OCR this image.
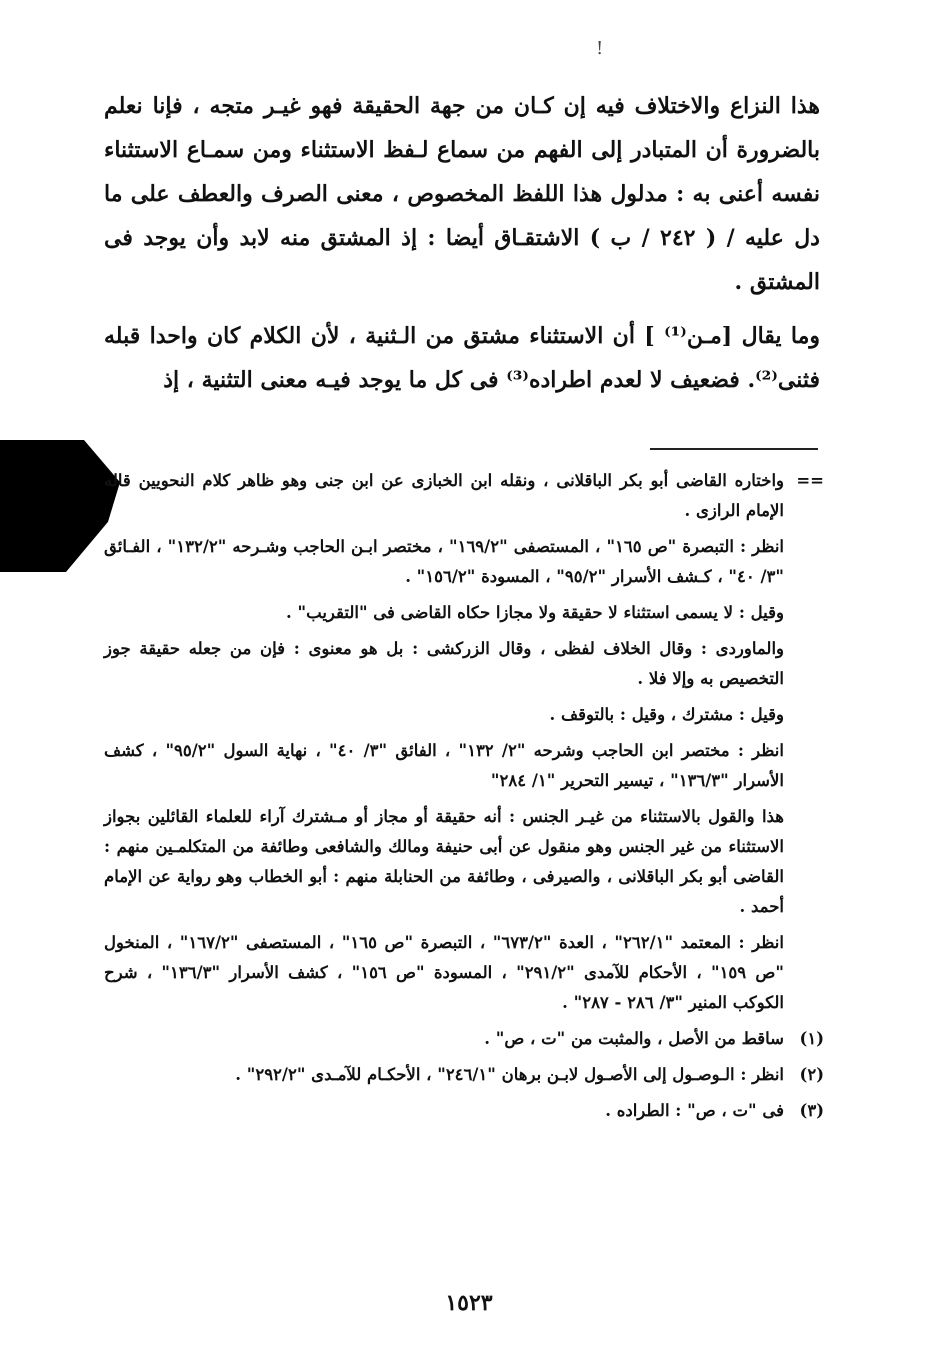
!

هذا النزاع والاختلاف فيه إن كـان من جهة الحقيقة فهو غيـر متجه ، فإنا نعلم بالضرورة أن المتبادر إلى الفهم من سماع لـفظ الاستثناء ومن سمـاع الاستثناء نفسه أعنى به : مدلول هذا اللفظ المخصوص ، معنى الصرف والعطف على ما دل عليه / ( ٢٤٢ / ب ) الاشتقـاق أيضا : إذ المشتق منه لابد وأن يوجد فى المشتق .

وما يقال [مـن⁽¹⁾ ] أن الاستثناء مشتق من الـثنية ، لأن الكلام كان واحدا قبله فثنى⁽²⁾. فضعيف لا لعدم اطراده⁽³⁾ فى كل ما يوجد فيـه معنى التثنية ، إذ

==

واختاره القاضى أبو بكر الباقلانى ، ونقله ابن الخبازى عن ابن جنى وهو ظاهر كلام النحويين قاله الإمام الرازى .

انظر : التبصرة "ص ١٦٥" ، المستصفى "١٦٩/٢" ، مختصر ابـن الحاجب وشـرحه "١٣٢/٢" ، الفـائق "٣/ ٤٠" ، كـشف الأسرار "٩٥/٢" ، المسودة "١٥٦/٢" .

وقيل : لا يسمى استثناء لا حقيقة ولا مجازا حكاه القاضى فى "التقريب" .

والماوردى : وقال الخلاف لفظى ، وقال الزركشى : بل هو معنوى : فإن من جعله حقيقة جوز التخصيص به وإلا فلا .

وقيل : مشترك ، وقيل : بالتوقف .

انظر : مختصر ابن الحاجب وشرحه "٢/ ١٣٢" ، الفائق "٣/ ٤٠" ، نهاية السول "٩٥/٢" ، كشف الأسرار "١٣٦/٣" ، تيسير التحرير "١/ ٢٨٤"

هذا والقول بالاستثناء من غيـر الجنس : أنه حقيقة أو مجاز أو مـشترك آراء للعلماء القائلين بجواز الاستثناء من غير الجنس وهو منقول عن أبى حنيفة ومالك والشافعى وطائفة من المتكلمـين منهم : القاضى أبو بكر الباقلانى ، والصيرفى ، وطائفة من الحنابلة منهم : أبو الخطاب وهو رواية عن الإمام أحمد .

انظر : المعتمد "٢٦٢/١" ، العدة "٦٧٣/٢" ، التبصرة "ص ١٦٥" ، المستصفى "١٦٧/٢" ، المنخول "ص ١٥٩" ، الأحكام للآمدى "٢٩١/٢" ، المسودة "ص ١٥٦" ، كشف الأسرار "١٣٦/٣" ، شرح الكوكب المنير "٣/ ٢٨٦ - ٢٨٧" .

(١)
ساقط من الأصل ، والمثبت من "ت ، ص" .
(٢)
انظر : الـوصـول إلى الأصـول لابـن برهان "٢٤٦/١" ، الأحكـام للآمـدى "٢٩٢/٢" .
(٣)
فى "ت ، ص" : الطراده .
١٥٢٣
